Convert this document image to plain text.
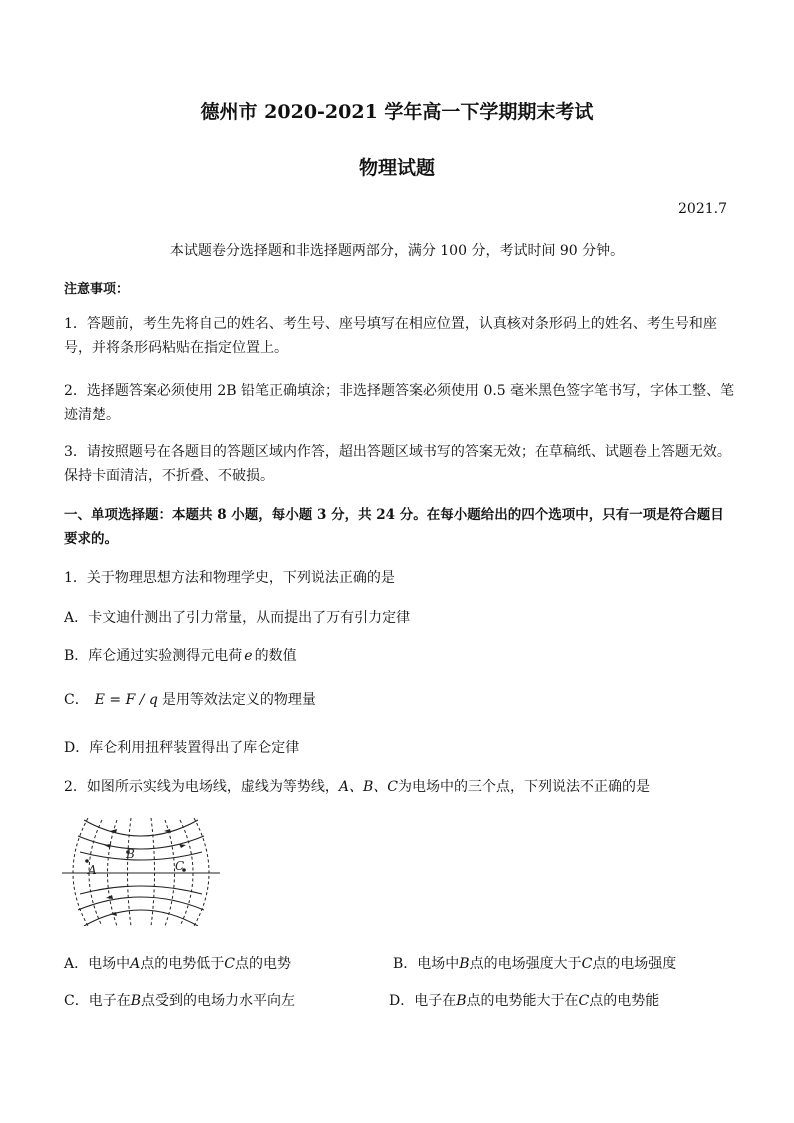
德州市 2020-2021 学年高一下学期期末考试
物理试题
2021.7
本试题卷分选择题和非选择题两部分，满分 100 分，考试时间 90 分钟。
注意事项：
1．答题前，考生先将自己的姓名、考生号、座号填写在相应位置，认真核对条形码上的姓名、考生号和座号，并将条形码粘贴在指定位置上。
2．选择题答案必须使用 2B 铅笔正确填涂；非选择题答案必须使用 0.5 毫米黑色签字笔书写，字体工整、笔迹清楚。
3．请按照题号在各题目的答题区域内作答，超出答题区域书写的答案无效；在草稿纸、试题卷上答题无效。保持卡面清洁，不折叠、不破损。
一、单项选择题：本题共 8 小题，每小题 3 分，共 24 分。在每小题给出的四个选项中，只有一项是符合题目要求的。
1．关于物理思想方法和物理学史，下列说法正确的是
A．卡文迪什测出了引力常量，从而提出了万有引力定律
B．库仑通过实验测得元电荷 e 的数值
C． E = F / q 是用等效法定义的物理量
D．库仑利用扭秤装置得出了库仑定律
2．如图所示实线为电场线，虚线为等势线，A、B、C为电场中的三个点，下列说法不正确的是
A
B
C
A．电场中A点的电势低于C点的电势	B．电场中B点的电场强度大于C点的电场强度
C．电子在B点受到的电场力水平向左	D．电子在B点的电势能大于在C点的电势能
